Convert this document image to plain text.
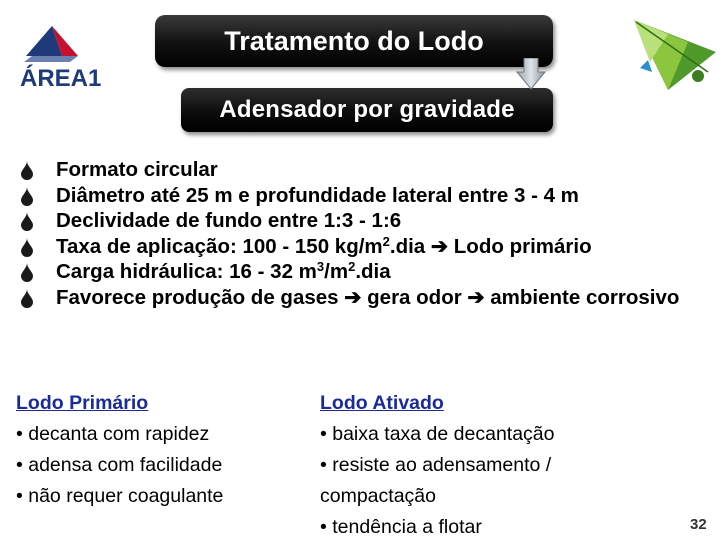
ÁREA1
Tratamento do Lodo
Adensador por gravidade
Formato circular
Diâmetro até 25 m e profundidade lateral entre 3 - 4 m
Declividade de fundo entre 1:3 - 1:6
Taxa de aplicação: 100 - 150 $kg/m^2.dia$ ➔ Lodo primário
Carga hidráulica: 16 - 32 $m^3/m^2.dia$
Favorece produção de gases ➔ gera odor ➔ ambiente corrosivo
Lodo Primário
• decanta com rapidez
• adensa com facilidade
• não requer coagulante
Lodo Ativado
• baixa taxa de decantação
• resiste ao adensamento / compactação
• tendência a flotar	32
